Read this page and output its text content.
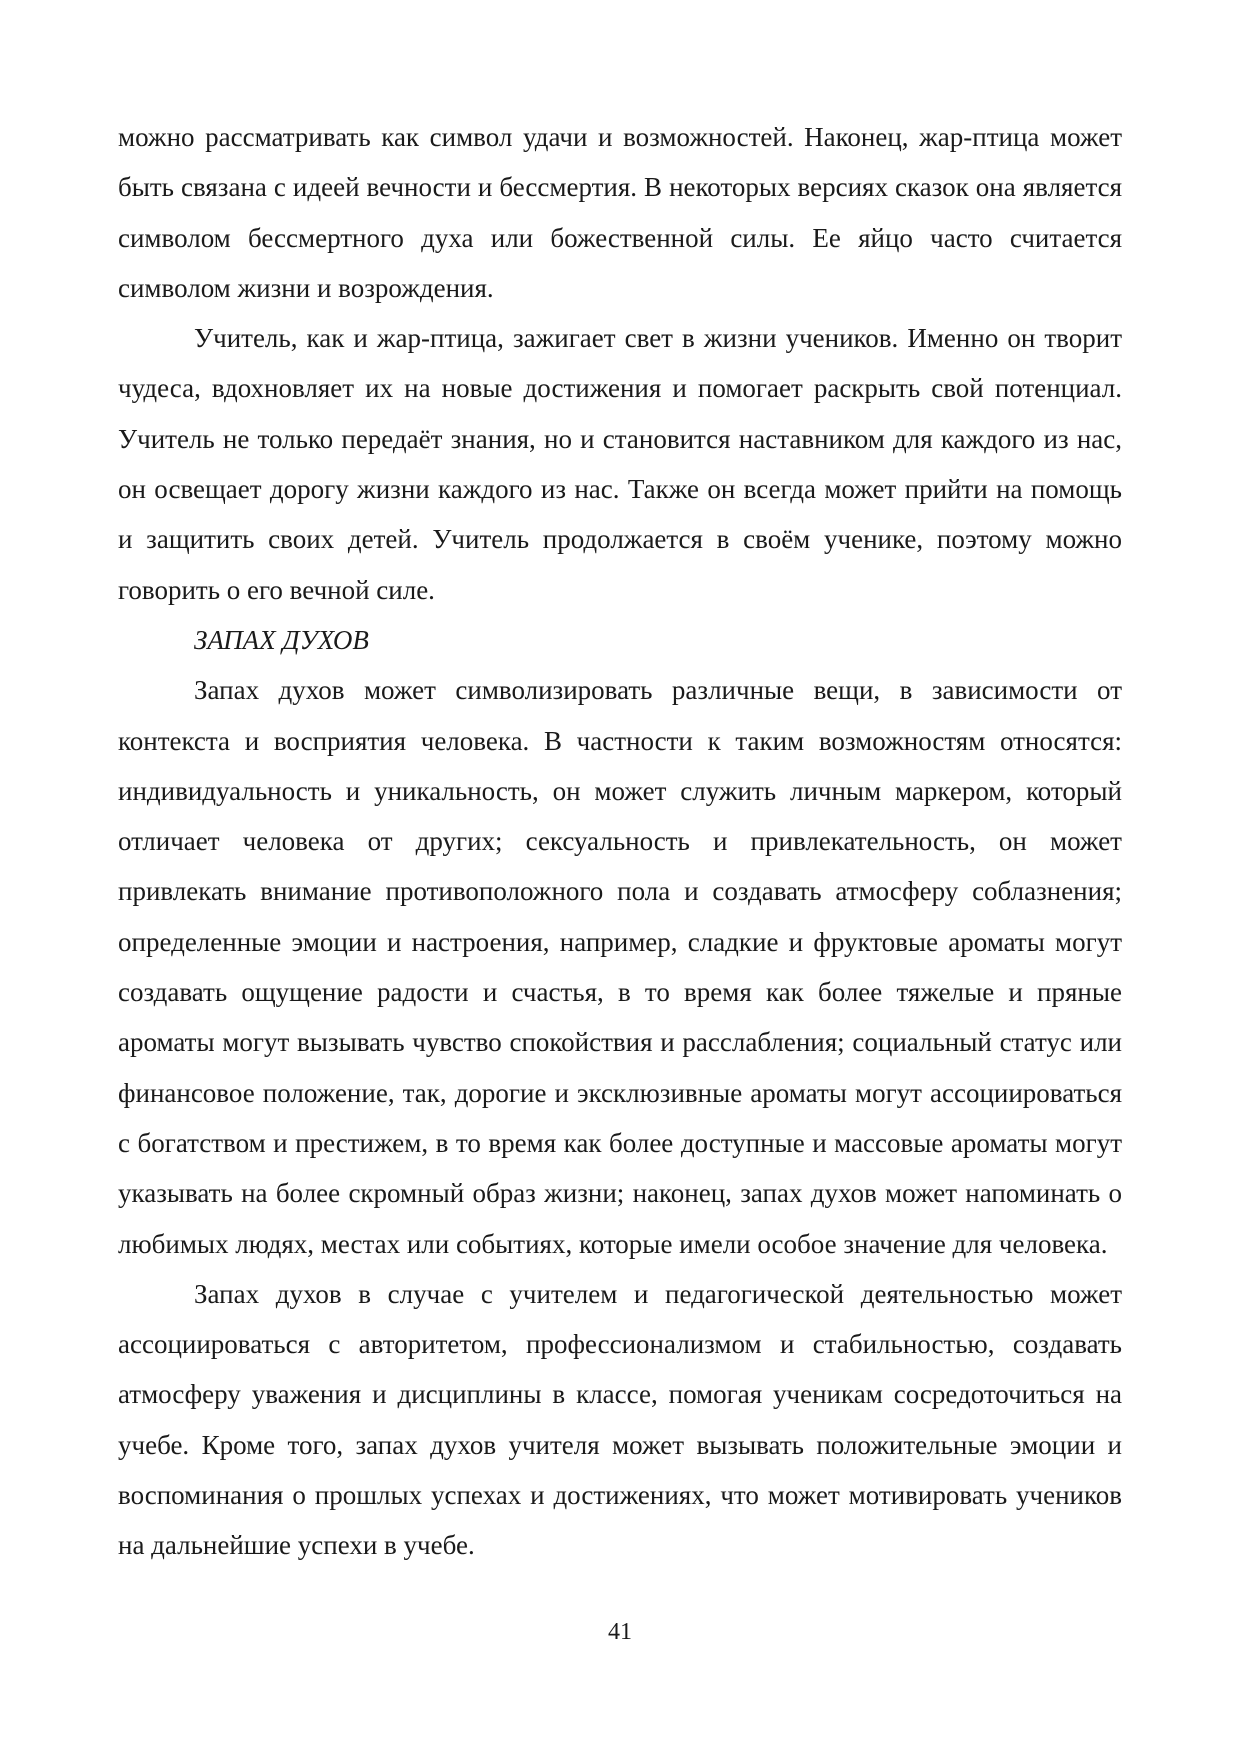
можно рассматривать как символ удачи и возможностей. Наконец, жар-птица может быть связана с идеей вечности и бессмертия. В некоторых версиях сказок она является символом бессмертного духа или божественной силы. Ее яйцо часто считается символом жизни и возрождения.

Учитель, как и жар-птица, зажигает свет в жизни учеников. Именно он творит чудеса, вдохновляет их на новые достижения и помогает раскрыть свой потенциал. Учитель не только передаёт знания, но и становится наставником для каждого из нас, он освещает дорогу жизни каждого из нас. Также он всегда может прийти на помощь и защитить своих детей. Учитель продолжается в своём ученике, поэтому можно говорить о его вечной силе.

ЗАПАХ ДУХОВ

Запах духов может символизировать различные вещи, в зависимости от контекста и восприятия человека. В частности к таким возможностям относятся: индивидуальность и уникальность, он может служить личным маркером, который отличает человека от других; сексуальность и привлекательность, он может привлекать внимание противоположного пола и создавать атмосферу соблазнения; определенные эмоции и настроения, например, сладкие и фруктовые ароматы могут создавать ощущение радости и счастья, в то время как более тяжелые и пряные ароматы могут вызывать чувство спокойствия и расслабления; социальный статус или финансовое положение, так, дорогие и эксклюзивные ароматы могут ассоциироваться с богатством и престижем, в то время как более доступные и массовые ароматы могут указывать на более скромный образ жизни; наконец, запах духов может напоминать о любимых людях, местах или событиях, которые имели особое значение для человека.

Запах духов в случае с учителем и педагогической деятельностью может ассоциироваться с авторитетом, профессионализмом и стабильностью, создавать атмосферу уважения и дисциплины в классе, помогая ученикам сосредоточиться на учебе. Кроме того, запах духов учителя может вызывать положительные эмоции и воспоминания о прошлых успехах и достижениях, что может мотивировать учеников на дальнейшие успехи в учебе.

41
